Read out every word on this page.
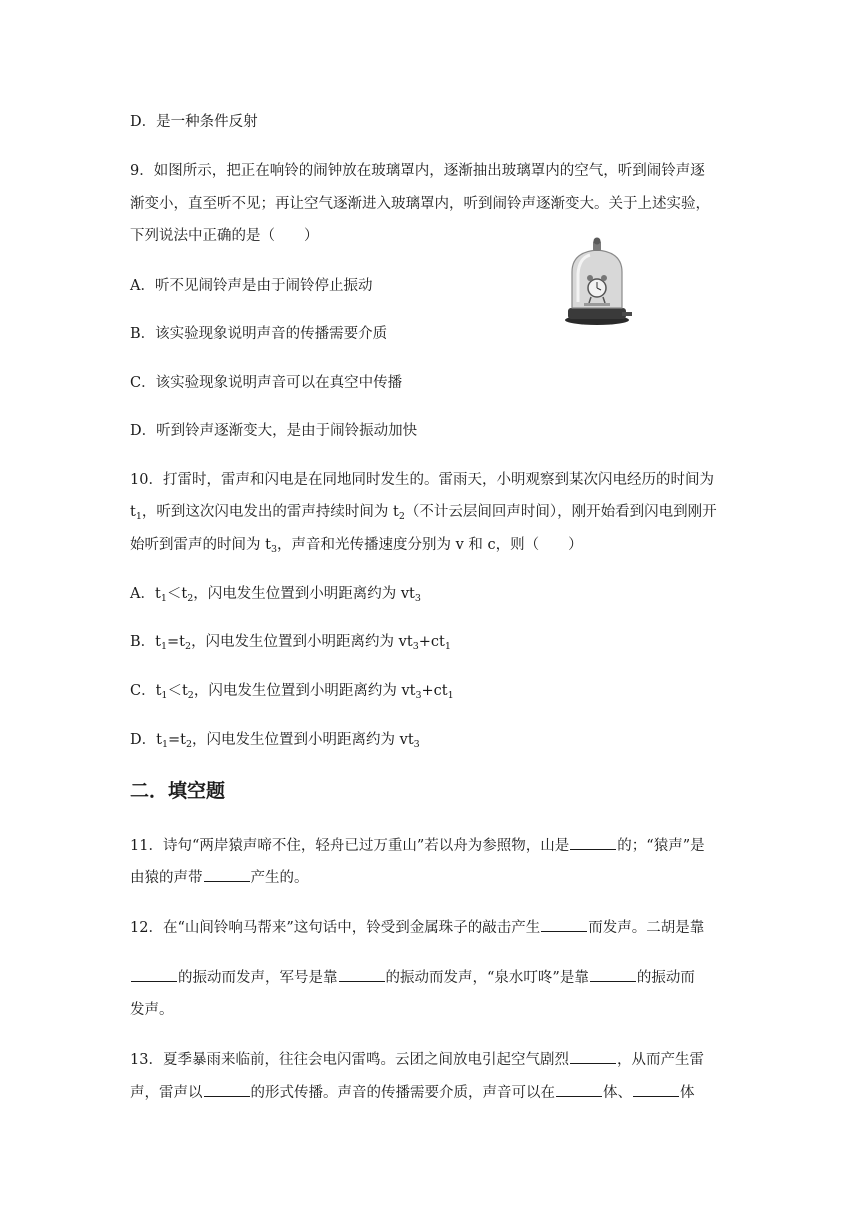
D．是一种条件反射
9．如图所示，把正在响铃的闹钟放在玻璃罩内，逐渐抽出玻璃罩内的空气，听到闹铃声逐
渐变小，直至听不见；再让空气逐渐进入玻璃罩内，听到闹铃声逐渐变大。关于上述实验，
下列说法中正确的是（　　）
A．听不见闹铃声是由于闹铃停止振动
B．该实验现象说明声音的传播需要介质
C．该实验现象说明声音可以在真空中传播
D．听到铃声逐渐变大，是由于闹铃振动加快
10．打雷时，雷声和闪电是在同地同时发生的。雷雨天，小明观察到某次闪电经历的时间为
$t_1$，听到这次闪电发出的雷声持续时间为 $t_2$（不计云层间回声时间），刚开始看到闪电到刚开
始听到雷声的时间为 $t_3$，声音和光传播速度分别为 v 和 c，则（　　）
A．$t_1<t_2$，闪电发生位置到小明距离约为 $vt_3$
B．$t_1=t_2$，闪电发生位置到小明距离约为 $vt_3+ct_1$
C．$t_1<t_2$，闪电发生位置到小明距离约为 $vt_3+ct_1$
D．$t_1=t_2$，闪电发生位置到小明距离约为 $vt_3$
二．填空题
11．诗句“两岸猿声啼不住，轻舟已过万重山”若以舟为参照物，山是	的；“猿声”是
由猿的声带	产生的。
12．在“山间铃响马帮来”这句话中，铃受到金属珠子的敲击产生	而发声。二胡是靠
的振动而发声，军号是靠	的振动而发声，“泉水叮咚”是靠	的振动而
发声。
13．夏季暴雨来临前，往往会电闪雷鸣。云团之间放电引起空气剧烈	，从而产生雷
声，雷声以	的形式传播。声音的传播需要介质，声音可以在	体、	体
